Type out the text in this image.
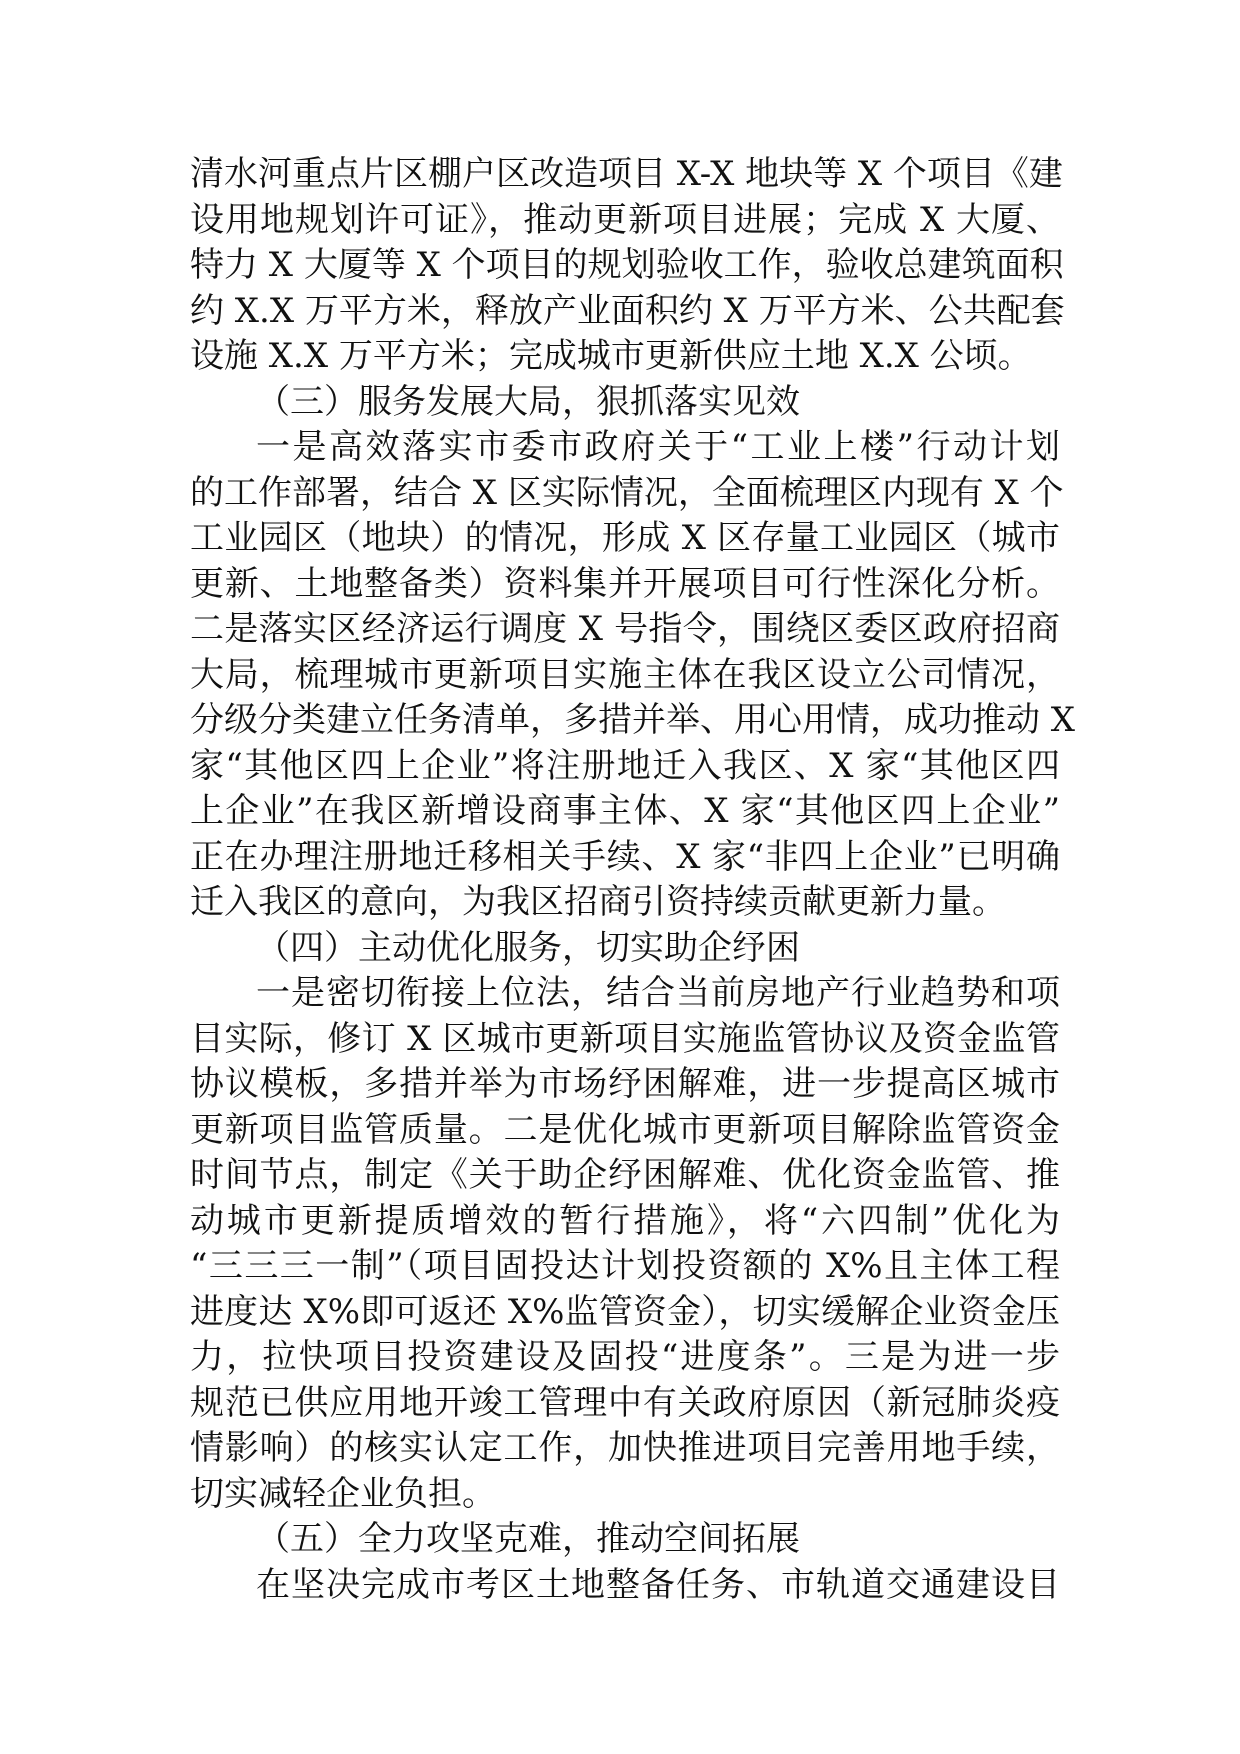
清水河重点片区棚户区改造项目 X-X 地块等 X 个项目《建
设用地规划许可证》，推动更新项目进展；完成 X 大厦、
特力 X 大厦等 X 个项目的规划验收工作，验收总建筑面积
约 X.X 万平方米，释放产业面积约 X 万平方米、公共配套
设施 X.X 万平方米；完成城市更新供应土地 X.X 公顷。
（三）服务发展大局，狠抓落实见效
一是高效落实市委市政府关于“工业上楼”行动计划
的工作部署，结合 X 区实际情况，全面梳理区内现有 X 个
工业园区（地块）的情况，形成 X 区存量工业园区（城市
更新、土地整备类）资料集并开展项目可行性深化分析。
二是落实区经济运行调度 X 号指令，围绕区委区政府招商
大局，梳理城市更新项目实施主体在我区设立公司情况，
分级分类建立任务清单，多措并举、用心用情，成功推动 X
家“其他区四上企业”将注册地迁入我区、X 家“其他区四
上企业”在我区新增设商事主体、X 家“其他区四上企业”
正在办理注册地迁移相关手续、X 家“非四上企业”已明确
迁入我区的意向，为我区招商引资持续贡献更新力量。
（四）主动优化服务，切实助企纾困
一是密切衔接上位法，结合当前房地产行业趋势和项
目实际，修订 X 区城市更新项目实施监管协议及资金监管
协议模板，多措并举为市场纾困解难，进一步提高区城市
更新项目监管质量。二是优化城市更新项目解除监管资金
时间节点，制定《关于助企纾困解难、优化资金监管、推
动城市更新提质增效的暂行措施》，将“六四制”优化为
“三三三一制”（项目固投达计划投资额的 X%且主体工程
进度达 X%即可返还 X%监管资金），切实缓解企业资金压
力，拉快项目投资建设及固投“进度条”。三是为进一步
规范已供应用地开竣工管理中有关政府原因（新冠肺炎疫
情影响）的核实认定工作，加快推进项目完善用地手续，
切实减轻企业负担。
（五）全力攻坚克难，推动空间拓展
在坚决完成市考区土地整备任务、市轨道交通建设目
